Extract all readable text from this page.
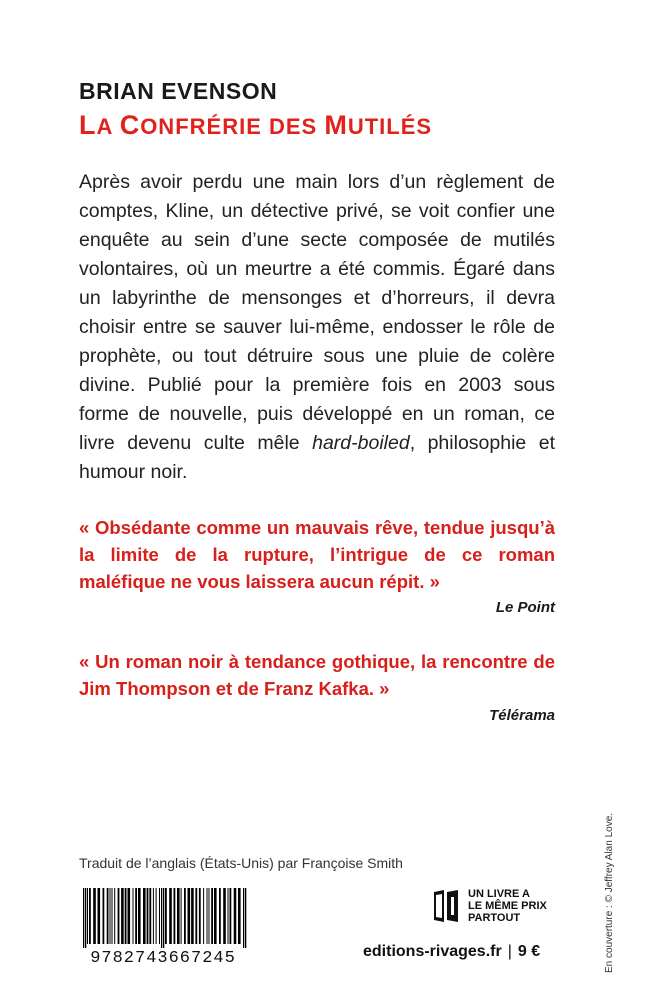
BRIAN EVENSON
LA CONFRÉRIE DES MUTILÉS

Après avoir perdu une main lors d’un règlement de comptes, Kline, un détective privé, se voit confier une enquête au sein d’une secte composée de mutilés volontaires, où un meurtre a été commis. Égaré dans un labyrinthe de mensonges et d’horreurs, il devra choisir entre se sauver lui-même, endosser le rôle de prophète, ou tout détruire sous une pluie de colère divine. Publié pour la première fois en 2003 sous forme de nouvelle, puis développé en un roman, ce livre devenu culte mêle hard-boiled, philosophie et humour noir.

« Obsédante comme un mauvais rêve, tendue jusqu’à la limite de la rupture, l’intrigue de ce roman maléfique ne vous laissera aucun répit. »
Le Point
« Un roman noir à tendance gothique, la rencontre de Jim Thompson et de Franz Kafka. »
Télérama
Traduit de l’anglais (États-Unis) par Françoise Smith
9782743667245
UN LIVRE A
LE MÊME PRIX
PARTOUT
editions-rivages.fr | 9 €	En couverture : © Jeffrey Alan Love.
